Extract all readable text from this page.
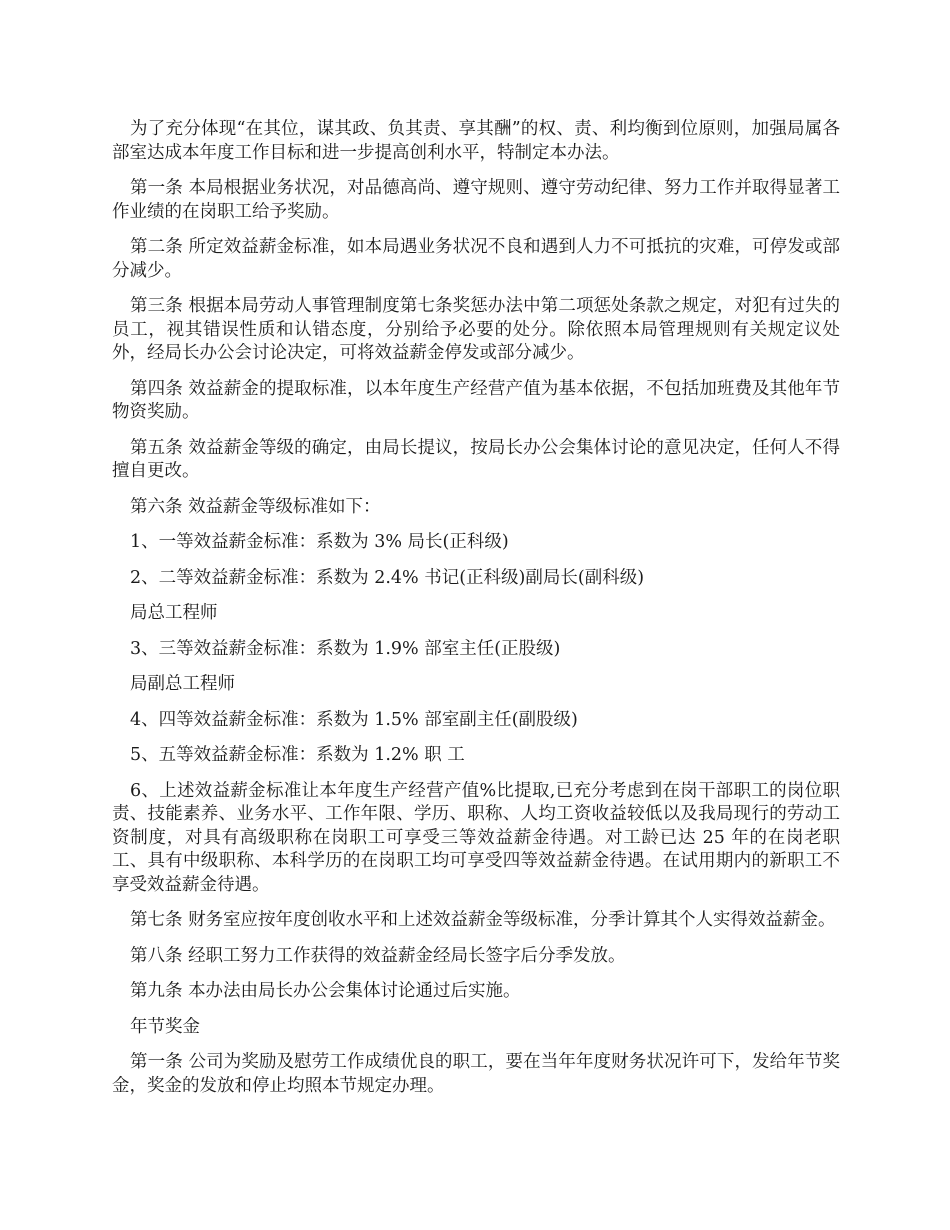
为了充分体现“在其位，谋其政、负其责、享其酬”的权、责、利均衡到位原则，加强局属各部室达成本年度工作目标和进一步提高创利水平，特制定本办法。

第一条 本局根据业务状况，对品德高尚、遵守规则、遵守劳动纪律、努力工作并取得显著工作业绩的在岗职工给予奖励。

第二条 所定效益薪金标准，如本局遇业务状况不良和遇到人力不可抵抗的灾难，可停发或部分减少。

第三条 根据本局劳动人事管理制度第七条奖惩办法中第二项惩处条款之规定，对犯有过失的员工，视其错误性质和认错态度，分别给予必要的处分。除依照本局管理规则有关规定议处外，经局长办公会讨论决定，可将效益薪金停发或部分减少。

第四条 效益薪金的提取标准，以本年度生产经营产值为基本依据，不包括加班费及其他年节物资奖励。

第五条 效益薪金等级的确定，由局长提议，按局长办公会集体讨论的意见决定，任何人不得擅自更改。

第六条 效益薪金等级标准如下：

1、一等效益薪金标准：系数为 3% 局长(正科级)

2、二等效益薪金标准：系数为 2.4% 书记(正科级)副局长(副科级)

局总工程师

3、三等效益薪金标准：系数为 1.9% 部室主任(正股级)

局副总工程师

4、四等效益薪金标准：系数为 1.5% 部室副主任(副股级)

5、五等效益薪金标准：系数为 1.2% 职 工

6、上述效益薪金标准让本年度生产经营产值%比提取,已充分考虑到在岗干部职工的岗位职责、技能素养、业务水平、工作年限、学历、职称、人均工资收益较低以及我局现行的劳动工资制度，对具有高级职称在岗职工可享受三等效益薪金待遇。对工龄已达 25 年的在岗老职工、具有中级职称、本科学历的在岗职工均可享受四等效益薪金待遇。在试用期内的新职工不享受效益薪金待遇。

第七条 财务室应按年度创收水平和上述效益薪金等级标准，分季计算其个人实得效益薪金。

第八条 经职工努力工作获得的效益薪金经局长签字后分季发放。

第九条 本办法由局长办公会集体讨论通过后实施。

年节奖金

第一条 公司为奖励及慰劳工作成绩优良的职工，要在当年年度财务状况许可下，发给年节奖金，奖金的发放和停止均照本节规定办理。
